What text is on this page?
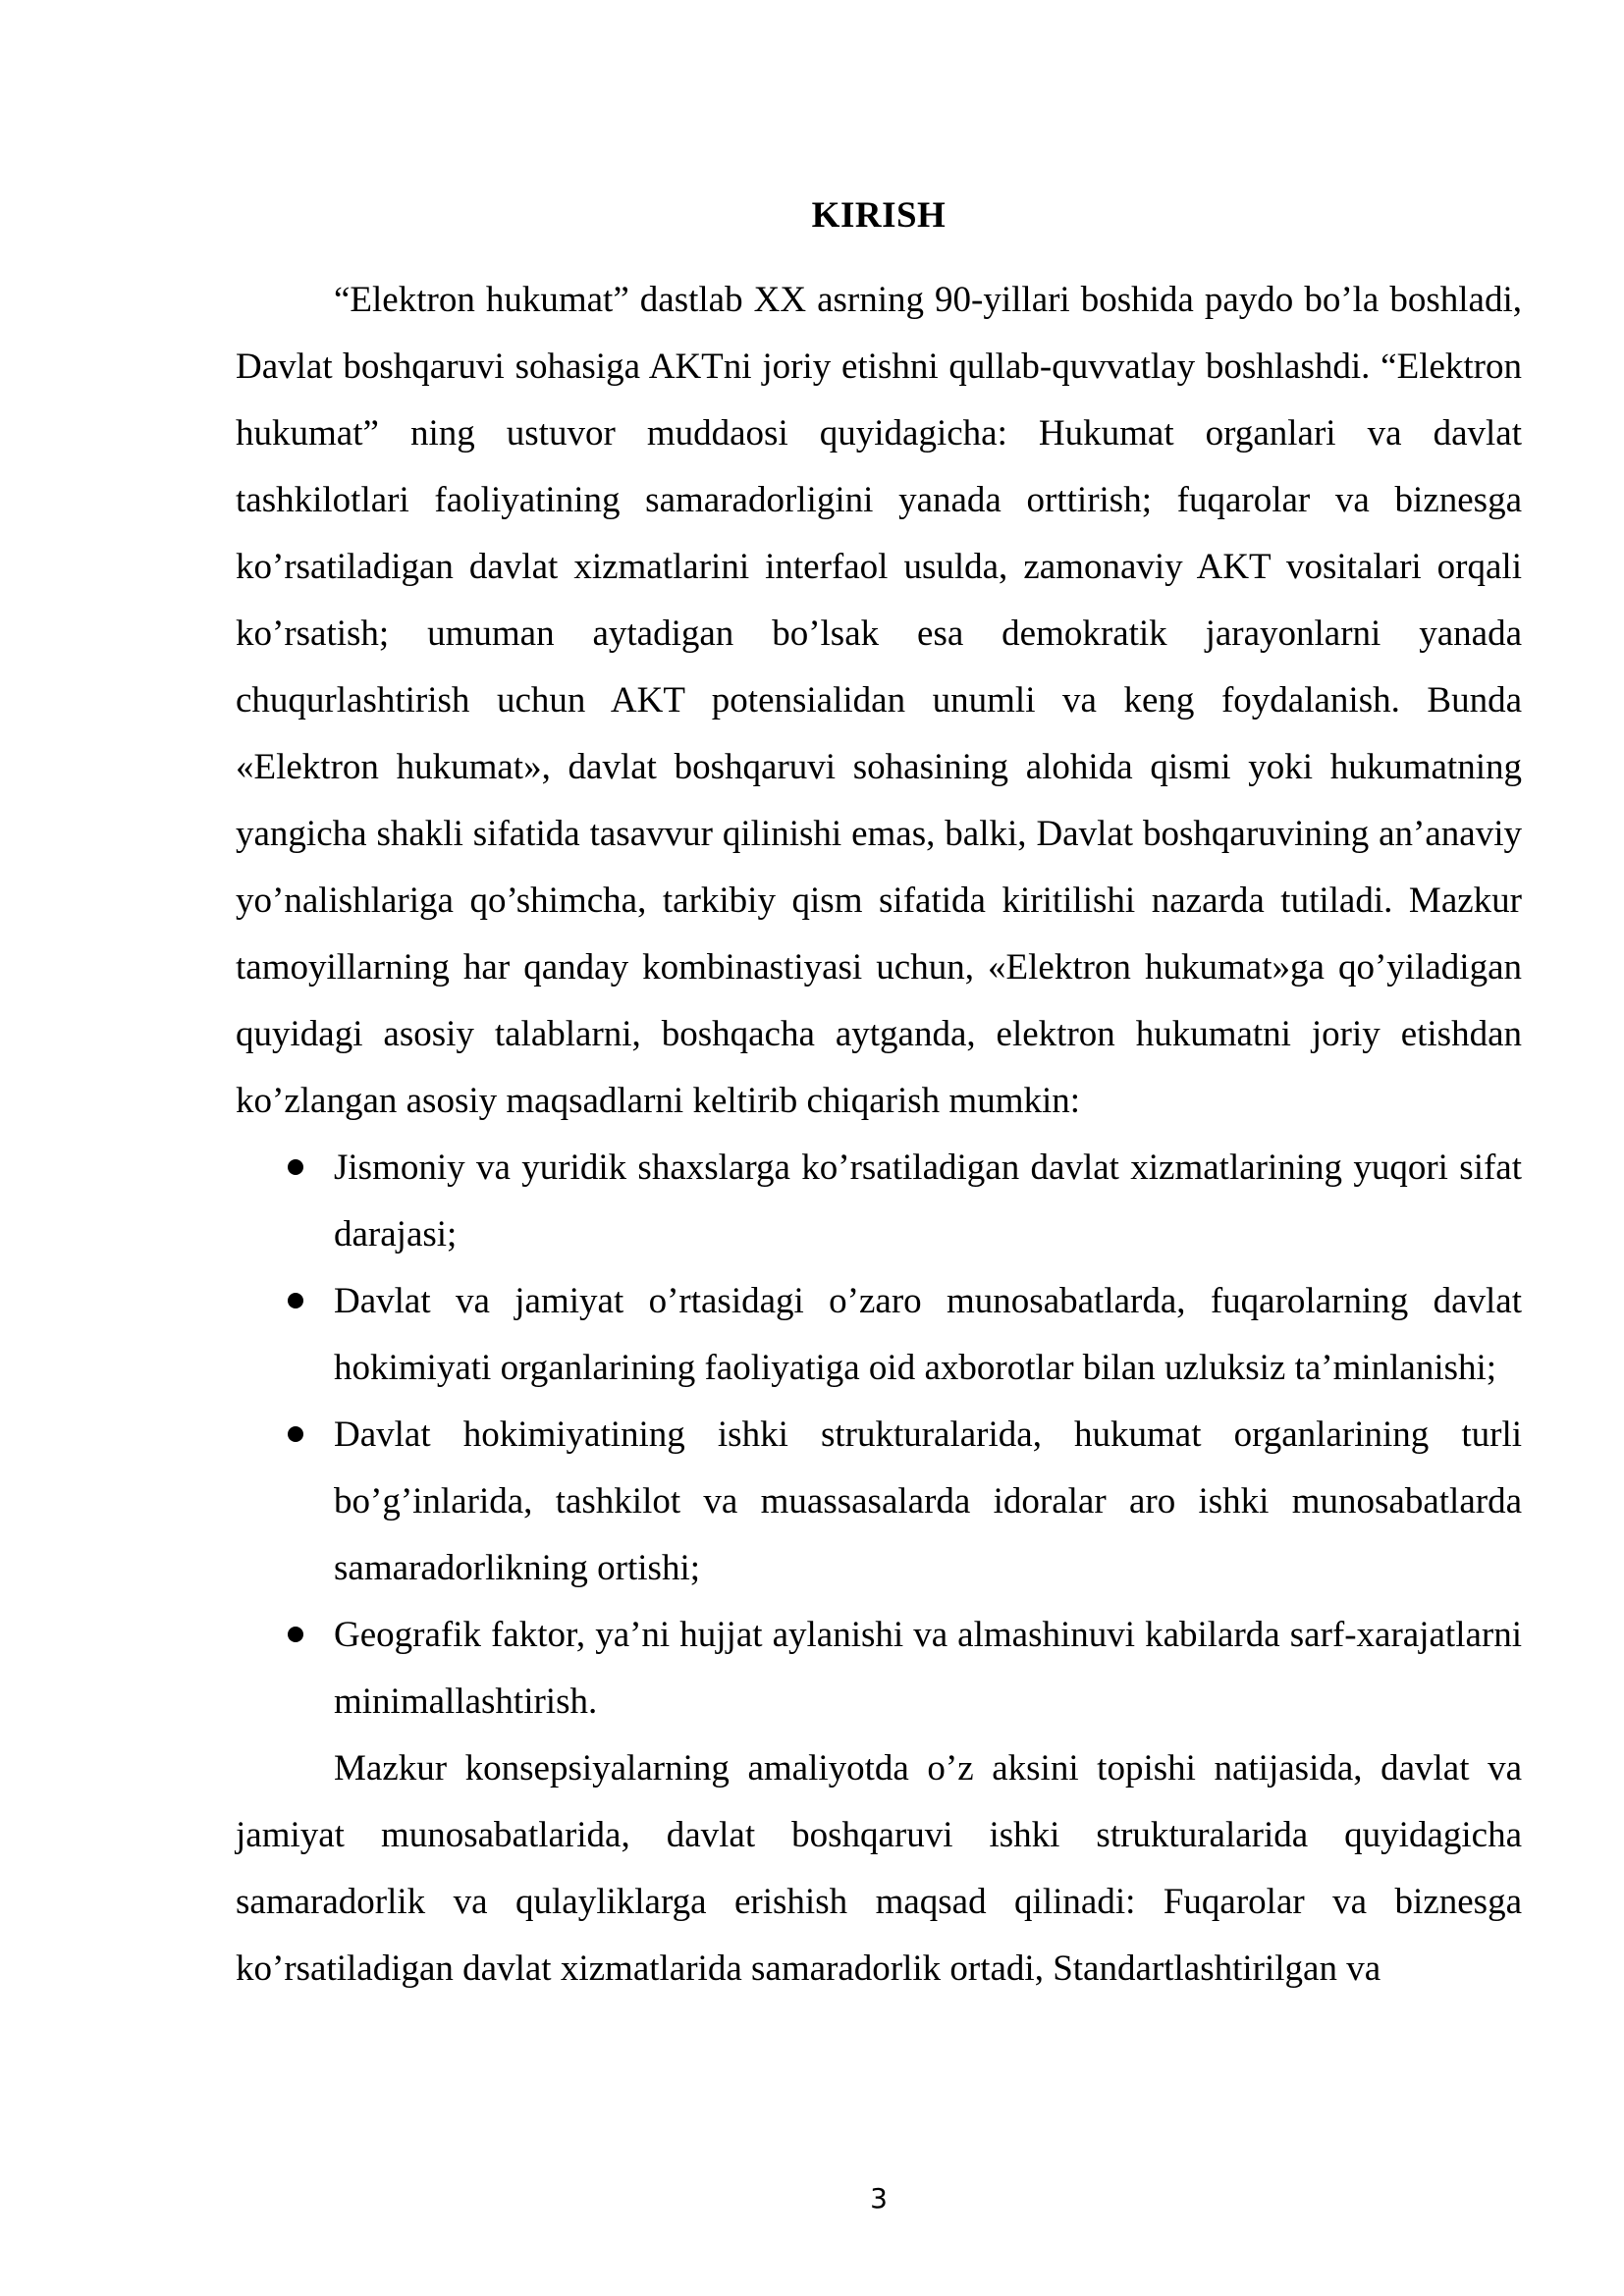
KIRISH

“Elektron hukumat” dastlab XX asrning 90-yillari boshida paydo bo’la boshladi, Davlat boshqaruvi sohasiga AKTni joriy etishni qullab-quvvatlay boshlashdi. “Elektron hukumat” ning ustuvor muddaosi quyidagicha: Hukumat organlari va davlat tashkilotlari faoliyatining samaradorligini yanada orttirish; fuqarolar va biznesga ko’rsatiladigan davlat xizmatlarini interfaol usulda, zamonaviy AKT vositalari orqali ko’rsatish; umuman aytadigan bo’lsak esa demokratik jarayonlarni yanada chuqurlashtirish uchun AKT potensialidan unumli va keng foydalanish. Bunda «Elektron hukumat», davlat boshqaruvi sohasining alohida qismi yoki hukumatning yangicha shakli sifatida tasavvur qilinishi emas, balki, Davlat boshqaruvining an’anaviy yo’nalishlariga qo’shimcha, tarkibiy qism sifatida kiritilishi nazarda tutiladi. Mazkur tamoyillarning har qanday kombinastiyasi uchun, «Elektron hukumat»ga qo’yiladigan quyidagi asosiy talablarni, boshqacha aytganda, elektron hukumatni joriy etishdan ko’zlangan asosiy maqsadlarni keltirib chiqarish mumkin:

Jismoniy va yuridik shaxslarga ko’rsatiladigan davlat xizmatlarining yuqori sifat darajasi;
Davlat va jamiyat o’rtasidagi o’zaro munosabatlarda, fuqarolarning davlat hokimiyati organlarining faoliyatiga oid axborotlar bilan uzluksiz ta’minlanishi;
Davlat hokimiyatining ishki strukturalarida, hukumat organlarining turli bo’g’inlarida, tashkilot va muassasalarda idoralar aro ishki munosabatlarda samaradorlikning ortishi;
Geografik faktor, ya’ni hujjat aylanishi va almashinuvi kabilarda sarf-xarajatlarni minimallashtirish.

Mazkur konsepsiyalarning amaliyotda o’z aksini topishi natijasida, davlat va jamiyat munosabatlarida, davlat boshqaruvi ishki strukturalarida quyidagicha samaradorlik va qulayliklarga erishish maqsad qilinadi: Fuqarolar va biznesga ko’rsatiladigan davlat xizmatlarida samaradorlik ortadi, Standartlashtirilgan va

3
